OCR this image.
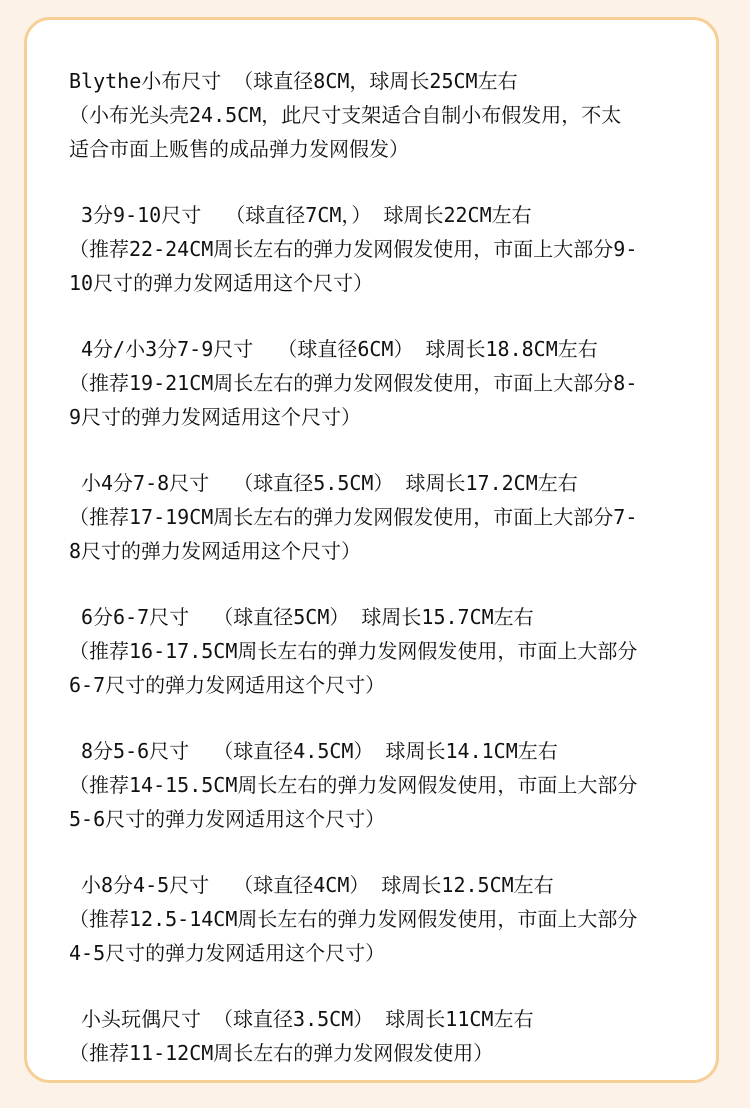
Blythe小布尺寸 （球直径8CM，球周长25CM左右
（小布光头壳24.5CM，此尺寸支架适合自制小布假发用，不太
适合市面上贩售的成品弹力发网假发）
3分9-10尺寸  （球直径7CM，） 球周长22CM左右
（推荐22-24CM周长左右的弹力发网假发使用，市面上大部分9-
10尺寸的弹力发网适用这个尺寸）
4分/小3分7-9尺寸  （球直径6CM） 球周长18.8CM左右
（推荐19-21CM周长左右的弹力发网假发使用，市面上大部分8-
9尺寸的弹力发网适用这个尺寸）
小4分7-8尺寸  （球直径5.5CM） 球周长17.2CM左右
（推荐17-19CM周长左右的弹力发网假发使用，市面上大部分7-
8尺寸的弹力发网适用这个尺寸）
6分6-7尺寸  （球直径5CM） 球周长15.7CM左右
（推荐16-17.5CM周长左右的弹力发网假发使用，市面上大部分
6-7尺寸的弹力发网适用这个尺寸）
8分5-6尺寸  （球直径4.5CM） 球周长14.1CM左右
（推荐14-15.5CM周长左右的弹力发网假发使用，市面上大部分
5-6尺寸的弹力发网适用这个尺寸）
小8分4-5尺寸  （球直径4CM） 球周长12.5CM左右
（推荐12.5-14CM周长左右的弹力发网假发使用，市面上大部分
4-5尺寸的弹力发网适用这个尺寸）
小头玩偶尺寸 （球直径3.5CM） 球周长11CM左右
（推荐11-12CM周长左右的弹力发网假发使用）
